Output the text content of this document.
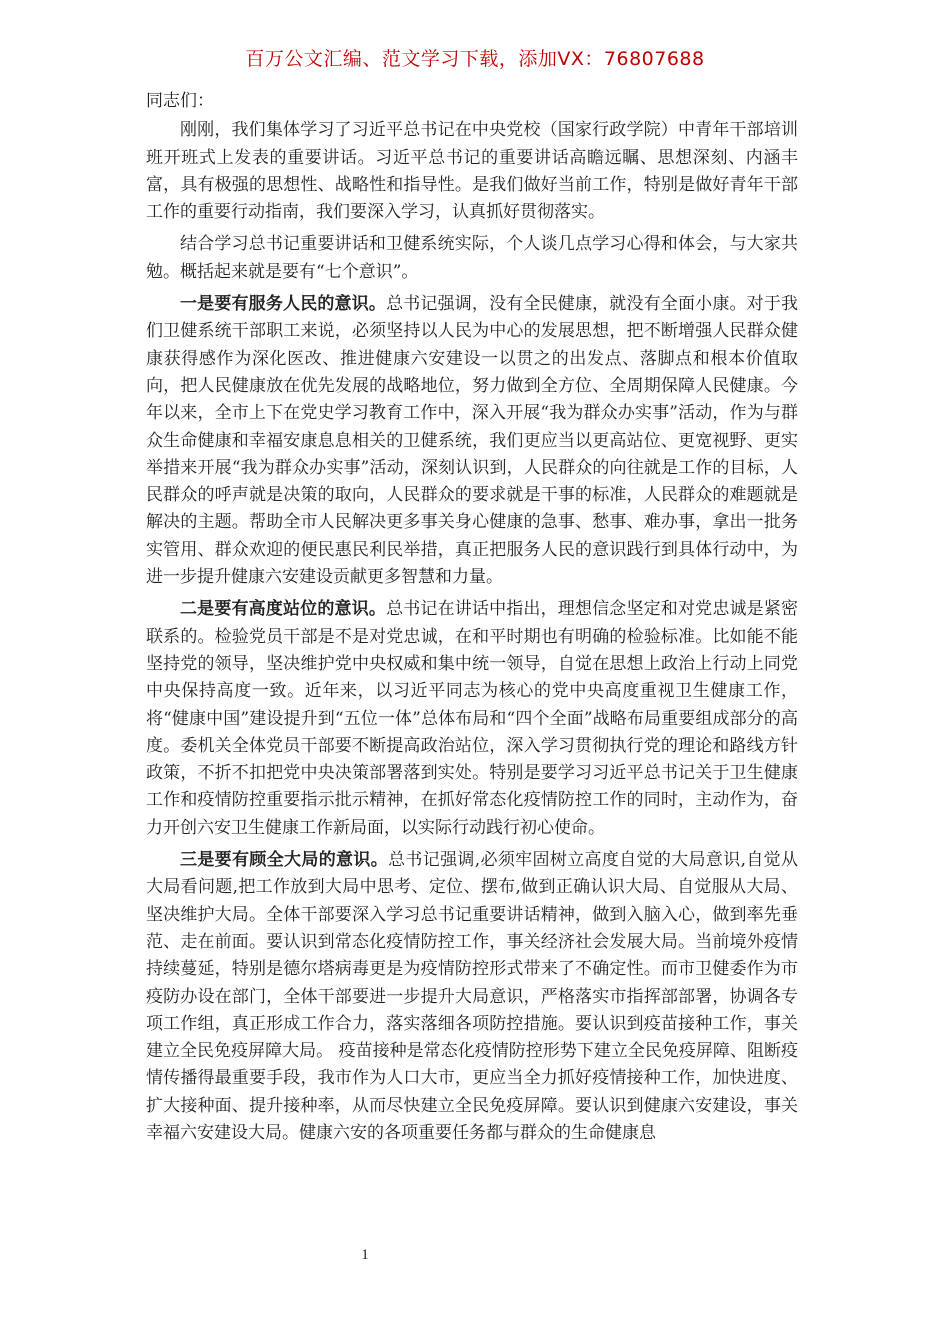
百万公文汇编、范文学习下载，添加VX：76807688

同志们：

刚刚，我们集体学习了习近平总书记在中央党校（国家行政学院）中青年干部培训班开班式上发表的重要讲话。习近平总书记的重要讲话高瞻远瞩、思想深刻、内涵丰富，具有极强的思想性、战略性和指导性。是我们做好当前工作，特别是做好青年干部工作的重要行动指南，我们要深入学习，认真抓好贯彻落实。

结合学习总书记重要讲话和卫健系统实际，个人谈几点学习心得和体会，与大家共勉。概括起来就是要有“七个意识”。

一是要有服务人民的意识。总书记强调，没有全民健康，就没有全面小康。对于我们卫健系统干部职工来说，必须坚持以人民为中心的发展思想，把不断增强人民群众健康获得感作为深化医改、推进健康六安建设一以贯之的出发点、落脚点和根本价值取向，把人民健康放在优先发展的战略地位，努力做到全方位、全周期保障人民健康。今年以来，全市上下在党史学习教育工作中，深入开展“我为群众办实事”活动，作为与群众生命健康和幸福安康息息相关的卫健系统，我们更应当以更高站位、更宽视野、更实举措来开展“我为群众办实事”活动，深刻认识到，人民群众的向往就是工作的目标，人民群众的呼声就是决策的取向，人民群众的要求就是干事的标准，人民群众的难题就是解决的主题。帮助全市人民解决更多事关身心健康的急事、愁事、难办事，拿出一批务实管用、群众欢迎的便民惠民利民举措，真正把服务人民的意识践行到具体行动中，为进一步提升健康六安建设贡献更多智慧和力量。

二是要有高度站位的意识。总书记在讲话中指出，理想信念坚定和对党忠诚是紧密联系的。检验党员干部是不是对党忠诚，在和平时期也有明确的检验标准。比如能不能坚持党的领导，坚决维护党中央权威和集中统一领导，自觉在思想上政治上行动上同党中央保持高度一致。近年来，以习近平同志为核心的党中央高度重视卫生健康工作，将“健康中国”建设提升到“五位一体”总体布局和“四个全面”战略布局重要组成部分的高度。委机关全体党员干部要不断提高政治站位，深入学习贯彻执行党的理论和路线方针政策，不折不扣把党中央决策部署落到实处。特别是要学习习近平总书记关于卫生健康工作和疫情防控重要指示批示精神，在抓好常态化疫情防控工作的同时，主动作为，奋力开创六安卫生健康工作新局面，以实际行动践行初心使命。

三是要有顾全大局的意识。总书记强调,必须牢固树立高度自觉的大局意识,自觉从大局看问题,把工作放到大局中思考、定位、摆布,做到正确认识大局、自觉服从大局、坚决维护大局。全体干部要深入学习总书记重要讲话精神，做到入脑入心，做到率先垂范、走在前面。要认识到常态化疫情防控工作，事关经济社会发展大局。当前境外疫情持续蔓延，特别是德尔塔病毒更是为疫情防控形式带来了不确定性。而市卫健委作为市疫防办设在部门，全体干部要进一步提升大局意识，严格落实市指挥部部署，协调各专项工作组，真正形成工作合力，落实落细各项防控措施。要认识到疫苗接种工作，事关建立全民免疫屏障大局。 疫苗接种是常态化疫情防控形势下建立全民免疫屏障、阻断疫情传播得最重要手段，我市作为人口大市，更应当全力抓好疫情接种工作，加快进度、扩大接种面、提升接种率，从而尽快建立全民免疫屏障。要认识到健康六安建设，事关幸福六安建设大局。健康六安的各项重要任务都与群众的生命健康息

1
